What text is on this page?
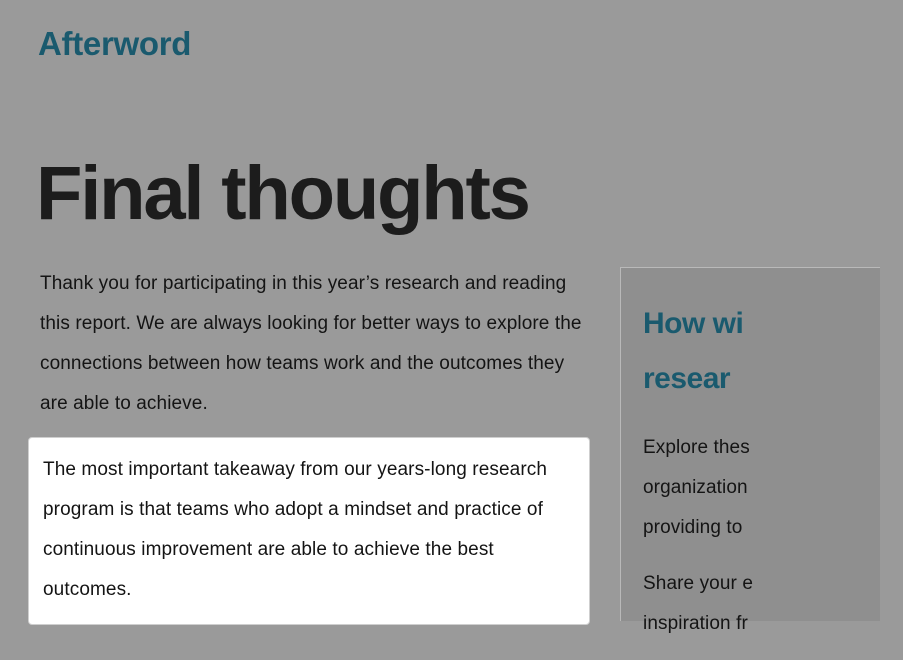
Afterword
Final thoughts

Thank you for participating in this year’s research and reading this report. We are always looking for better ways to explore the connections between how teams work and the outcomes they are able to achieve.

The most important takeaway from our years-long research program is that teams who adopt a mindset and practice of continuous improvement are able to achieve the best outcomes.

How wi
resear

Explore thes
organization
providing to

Share your e
inspiration fr
